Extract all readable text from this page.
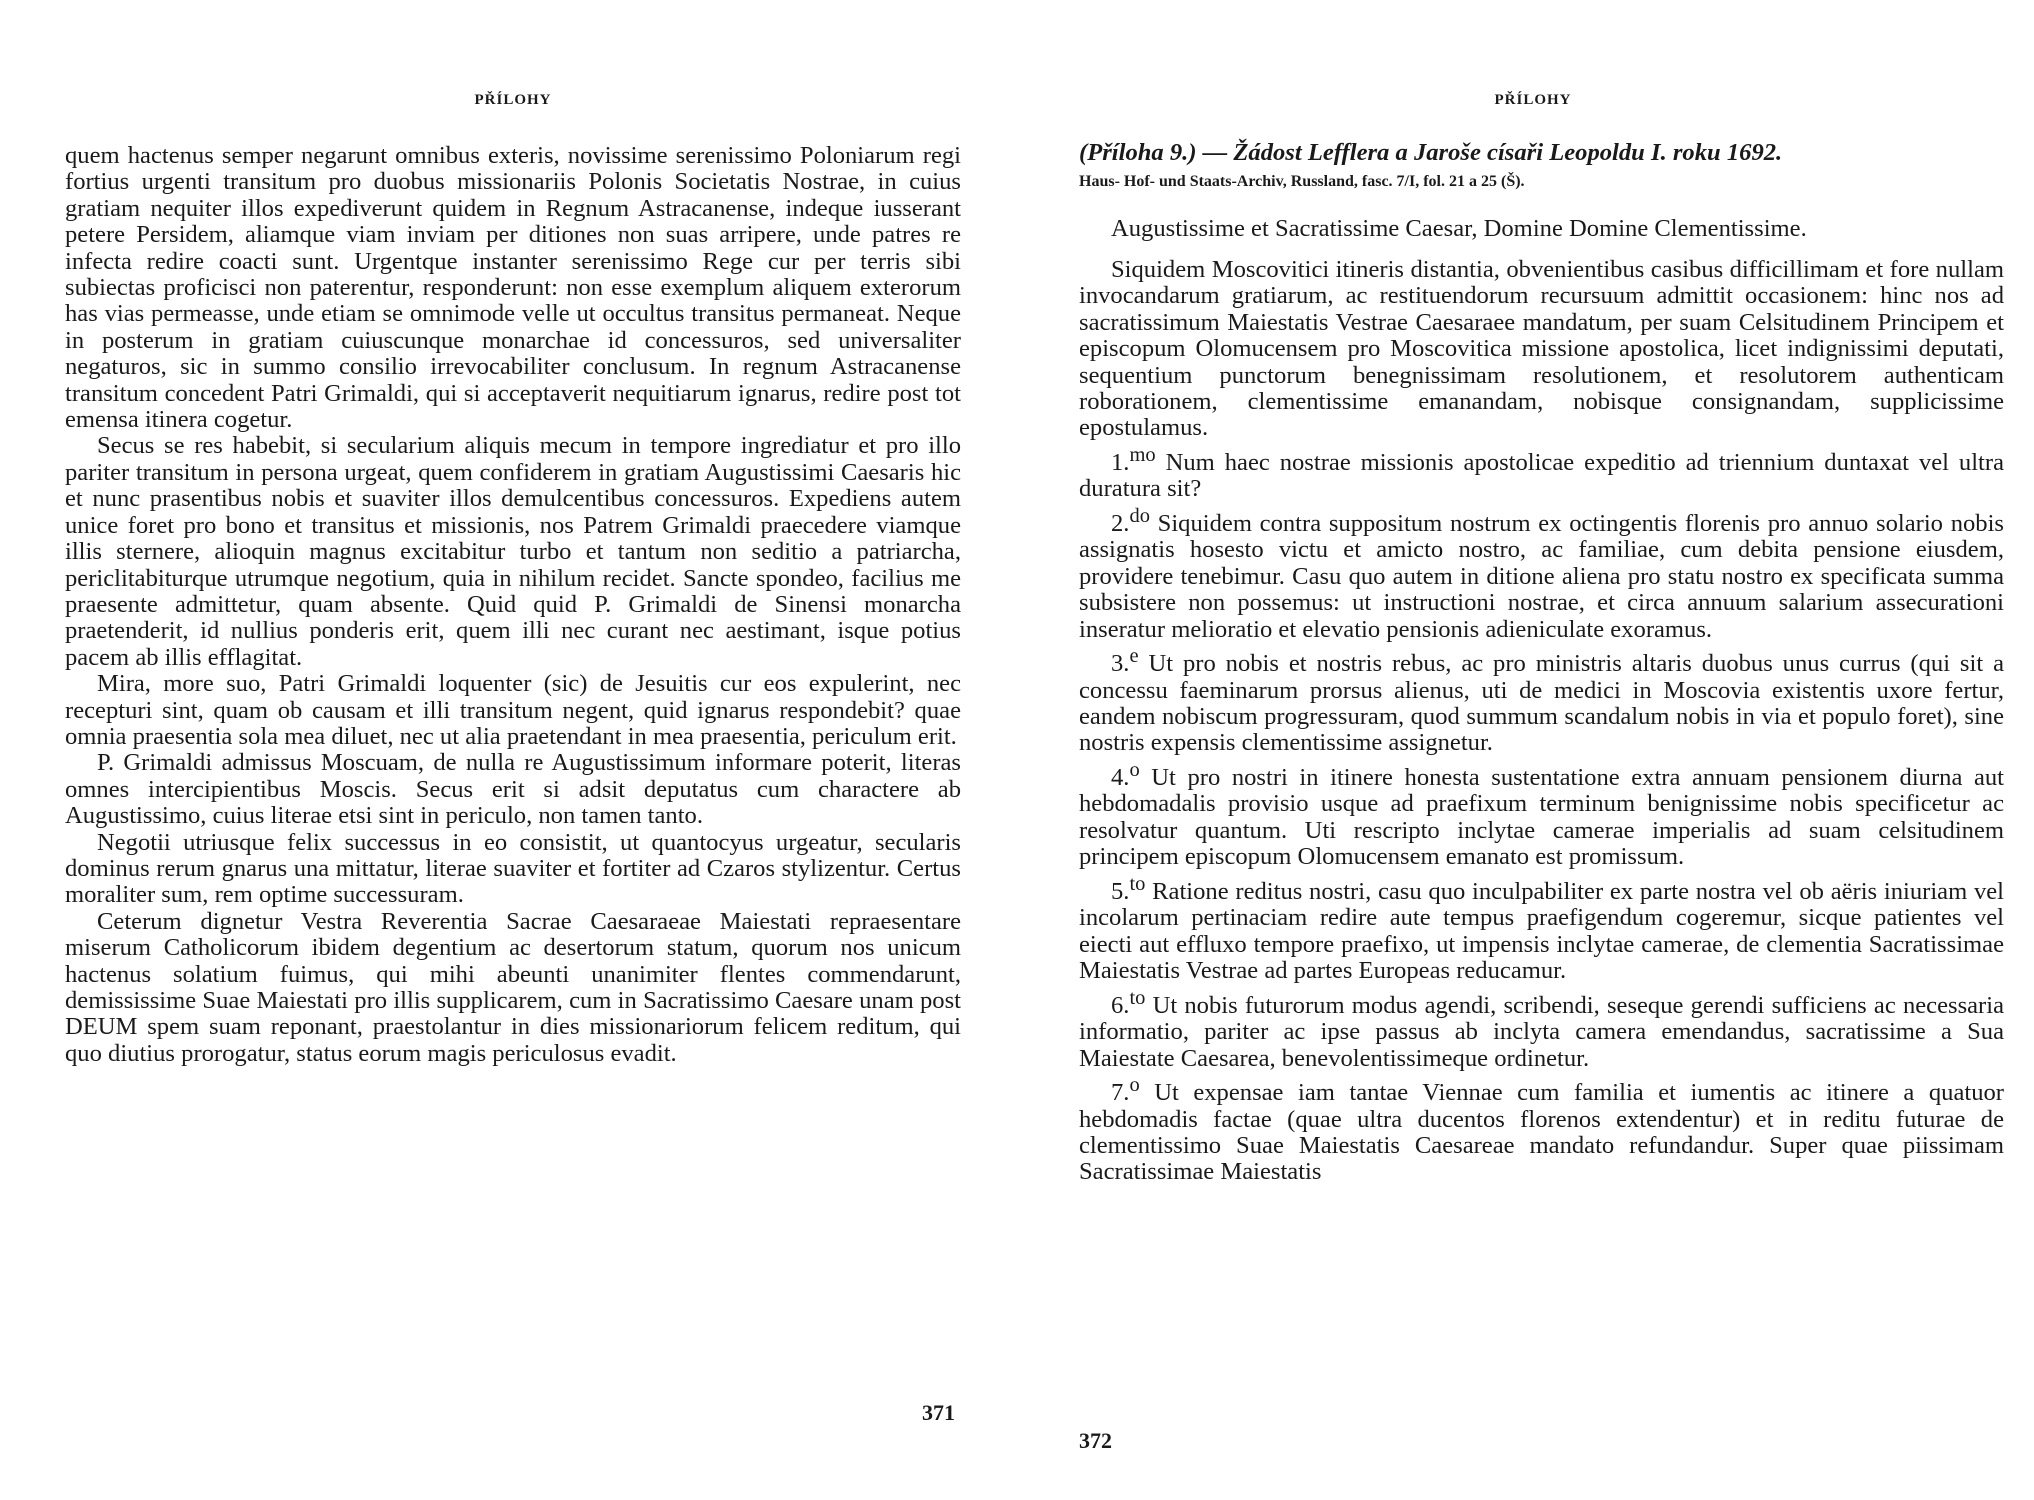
PŘÍLOHY

quem hactenus semper negarunt omnibus exteris, novissime serenissimo Poloniarum regi fortius urgenti transitum pro duobus missionariis Polonis Societatis Nostrae, in cuius gratiam nequiter illos expediverunt quidem in Regnum Astracanense, indeque iusserant petere Persidem, aliamque viam inviam per ditiones non suas arripere, unde patres re infecta redire coacti sunt. Urgentque instanter serenissimo Rege cur per terris sibi subiectas proficisci non paterentur, responderunt: non esse exemplum aliquem exterorum has vias permeasse, unde etiam se omnimode velle ut occultus transitus permaneat. Neque in posterum in gratiam cuiuscunque monarchae id concessuros, sed universaliter negaturos, sic in summo consilio irrevocabiliter conclusum. In regnum Astracanense transitum concedent Patri Grimaldi, qui si acceptaverit nequitiarum ignarus, redire post tot emensa itinera cogetur.

Secus se res habebit, si secularium aliquis mecum in tempore ingrediatur et pro illo pariter transitum in persona urgeat, quem confiderem in gratiam Augustissimi Caesaris hic et nunc prasentibus nobis et suaviter illos demulcentibus concessuros. Expediens autem unice foret pro bono et transitus et missionis, nos Patrem Grimaldi praecedere viamque illis sternere, alioquin magnus excitabitur turbo et tantum non seditio a patriarcha, periclitabiturque utrumque negotium, quia in nihilum recidet. Sancte spondeo, facilius me praesente admittetur, quam absente. Quid quid P. Grimaldi de Sinensi monarcha praetenderit, id nullius ponderis erit, quem illi nec curant nec aestimant, isque potius pacem ab illis efflagitat.

Mira, more suo, Patri Grimaldi loquenter (sic) de Jesuitis cur eos expulerint, nec recepturi sint, quam ob causam et illi transitum negent, quid ignarus respondebit? quae omnia praesentia sola mea diluet, nec ut alia praetendant in mea praesentia, periculum erit.

P. Grimaldi admissus Moscuam, de nulla re Augustissimum informare poterit, literas omnes intercipientibus Moscis. Secus erit si adsit deputatus cum charactere ab Augustissimo, cuius literae etsi sint in periculo, non tamen tanto.

Negotii utriusque felix successus in eo consistit, ut quantocyus urgeatur, secularis dominus rerum gnarus una mittatur, literae suaviter et fortiter ad Czaros stylizentur. Certus moraliter sum, rem optime successuram.

Ceterum dignetur Vestra Reverentia Sacrae Caesaraeae Maiestati repraesentare miserum Catholicorum ibidem degentium ac desertorum statum, quorum nos unicum hactenus solatium fuimus, qui mihi abeunti unanimiter flentes commendarunt, demississime Suae Maiestati pro illis supplicarem, cum in Sacratissimo Caesare unam post DEUM spem suam reponant, praestolantur in dies missionariorum felicem reditum, qui quo diutius prorogatur, status eorum magis periculosus evadit.

371
PŘÍLOHY

(Příloha 9.) — Žádost Lefflera a Jaroše císaři Leopoldu I. roku 1692.

Haus- Hof- und Staats-Archiv, Russland, fasc. 7/I, fol. 21 a 25 (Š).

Augustissime et Sacratissime Caesar, Domine Domine Clementissime.

Siquidem Moscovitici itineris distantia, obvenientibus casibus difficillimam et fore nullam invocandarum gratiarum, ac restituendorum recursuum admittit occasionem: hinc nos ad sacratissimum Maiestatis Vestrae Caesaraee mandatum, per suam Celsitudinem Principem et episcopum Olomucensem pro Moscovitica missione apostolica, licet indignissimi deputati, sequentium punctorum benegnissimam resolutionem, et resolutorem authenticam roborationem, clementissime emanandam, nobisque consignandam, supplicissime epostulamus.

1.$^{mo}$ Num haec nostrae missionis apostolicae expeditio ad triennium duntaxat vel ultra duratura sit?

2.$^{do}$ Siquidem contra suppositum nostrum ex octingentis florenis pro annuo solario nobis assignatis hosesto victu et amicto nostro, ac familiae, cum debita pensione eiusdem, providere tenebimur. Casu quo autem in ditione aliena pro statu nostro ex specificata summa subsistere non possemus: ut instructioni nostrae, et circa annuum salarium assecurationi inseratur melioratio et elevatio pensionis adieniculate exoramus.

3.$^e$ Ut pro nobis et nostris rebus, ac pro ministris altaris duobus unus currus (qui sit a concessu faeminarum prorsus alienus, uti de medici in Moscovia existentis uxore fertur, eandem nobiscum progressuram, quod summum scandalum nobis in via et populo foret), sine nostris expensis clementissime assignetur.

4.$^o$ Ut pro nostri in itinere honesta sustentatione extra annuam pensionem diurna aut hebdomadalis provisio usque ad praefixum terminum benignissime nobis specificetur ac resolvatur quantum. Uti rescripto inclytae camerae imperialis ad suam celsitudinem principem episcopum Olomucensem emanato est promissum.

5.$^{to}$ Ratione reditus nostri, casu quo inculpabiliter ex parte nostra vel ob aëris iniuriam vel incolarum pertinaciam redire aute tempus praefigendum cogeremur, sicque patientes vel eiecti aut effluxo tempore praefixo, ut impensis inclytae camerae, de clementia Sacratissimae Maiestatis Vestrae ad partes Europeas reducamur.

6.$^{to}$ Ut nobis futurorum modus agendi, scribendi, seseque gerendi sufficiens ac necessaria informatio, pariter ac ipse passus ab inclyta camera emendandus, sacratissime a Sua Maiestate Caesarea, benevolentissimeque ordinetur.

7.$^o$ Ut expensae iam tantae Viennae cum familia et iumentis ac itinere a quatuor hebdomadis factae (quae ultra ducentos florenos extendentur) et in reditu futurae de clementissimo Suae Maiestatis Caesareae mandato refundandur. Super quae piissimam Sacratissimae Maiestatis

372
